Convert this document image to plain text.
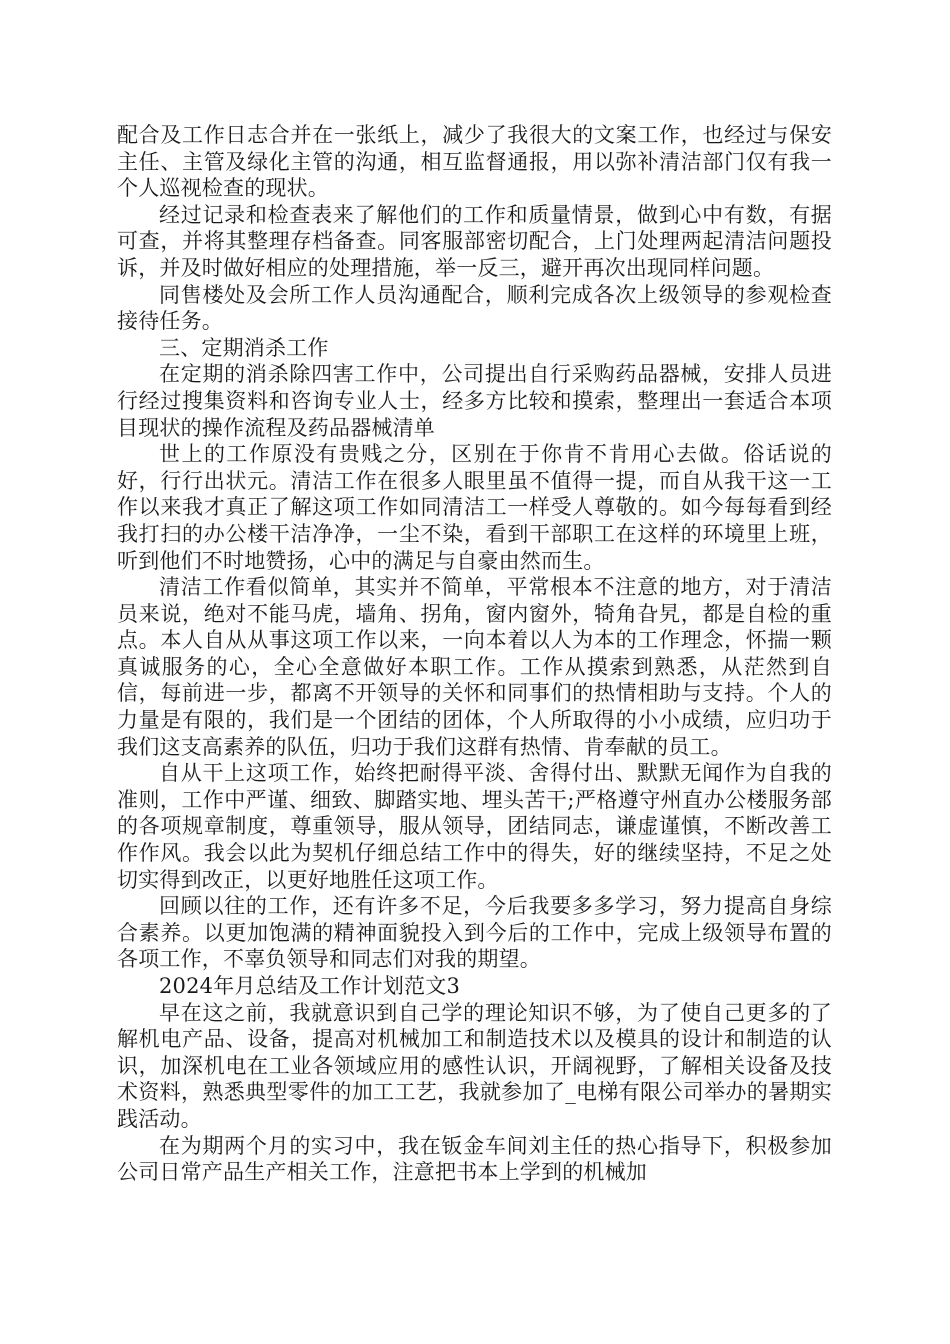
配合及工作日志合并在一张纸上，减少了我很大的文案工作，也经过与保安主任、主管及绿化主管的沟通，相互监督通报，用以弥补清洁部门仅有我一个人巡视检查的现状。

经过记录和检查表来了解他们的工作和质量情景，做到心中有数，有据可查，并将其整理存档备查。同客服部密切配合，上门处理两起清洁问题投诉，并及时做好相应的处理措施，举一反三，避开再次出现同样问题。

同售楼处及会所工作人员沟通配合，顺利完成各次上级领导的参观检查接待任务。

三、定期消杀工作

在定期的消杀除四害工作中，公司提出自行采购药品器械，安排人员进行经过搜集资料和咨询专业人士，经多方比较和摸索，整理出一套适合本项目现状的操作流程及药品器械清单

世上的工作原没有贵贱之分，区别在于你肯不肯用心去做。俗话说的好，行行出状元。清洁工作在很多人眼里虽不值得一提，而自从我干这一工作以来我才真正了解这项工作如同清洁工一样受人尊敬的。如今每每看到经我打扫的办公楼干洁净净，一尘不染，看到干部职工在这样的环境里上班，听到他们不时地赞扬，心中的满足与自豪由然而生。

清洁工作看似简单，其实并不简单，平常根本不注意的地方，对于清洁员来说，绝对不能马虎，墙角、拐角，窗内窗外，犄角旮旯，都是自检的重点。本人自从从事这项工作以来，一向本着以人为本的工作理念，怀揣一颗真诚服务的心，全心全意做好本职工作。工作从摸索到熟悉，从茫然到自信，每前进一步，都离不开领导的关怀和同事们的热情相助与支持。个人的力量是有限的，我们是一个团结的团体，个人所取得的小小成绩，应归功于我们这支高素养的队伍，归功于我们这群有热情、肯奉献的员工。

自从干上这项工作，始终把耐得平淡、舍得付出、默默无闻作为自我的准则，工作中严谨、细致、脚踏实地、埋头苦干;严格遵守州直办公楼服务部的各项规章制度，尊重领导，服从领导，团结同志，谦虚谨慎，不断改善工作作风。我会以此为契机仔细总结工作中的得失，好的继续坚持，不足之处切实得到改正，以更好地胜任这项工作。

回顾以往的工作，还有许多不足，今后我要多多学习，努力提高自身综合素养。以更加饱满的精神面貌投入到今后的工作中，完成上级领导布置的各项工作，不辜负领导和同志们对我的期望。

2024年月总结及工作计划范文3

早在这之前，我就意识到自己学的理论知识不够，为了使自己更多的了解机电产品、设备，提高对机械加工和制造技术以及模具的设计和制造的认识，加深机电在工业各领域应用的感性认识，开阔视野，了解相关设备及技术资料，熟悉典型零件的加工工艺，我就参加了_电梯有限公司举办的暑期实践活动。

在为期两个月的实习中，我在钣金车间刘主任的热心指导下，积极参加公司日常产品生产相关工作，注意把书本上学到的机械加
